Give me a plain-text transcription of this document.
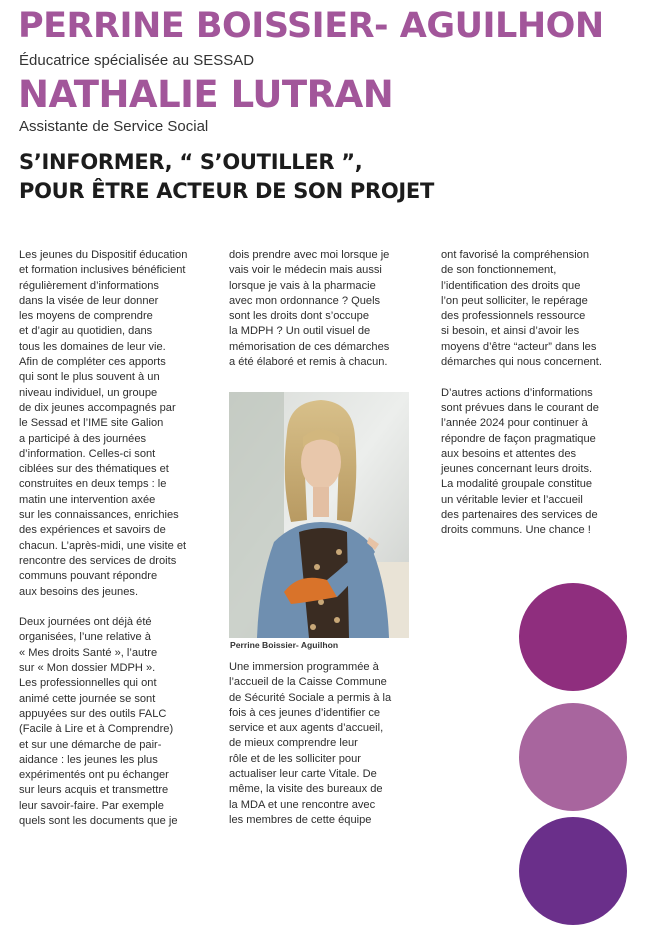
PERRINE BOISSIER- AGUILHON

Éducatrice spécialisée au SESSAD

NATHALIE LUTRAN

Assistante de Service Social

S’INFORMER, “ S’OUTILLER ”,
POUR ÊTRE ACTEUR DE SON PROJET

Les jeunes du Dispositif éducation
et formation inclusives bénéficient
régulièrement d’informations
dans la visée de leur donner
les moyens de comprendre
et d’agir au quotidien, dans
tous les domaines de leur vie.
Afin de compléter ces apports
qui sont le plus souvent à un
niveau individuel, un groupe
de dix jeunes accompagnés par
le Sessad et l’IME site Galion
a participé à des journées
d’information. Celles-ci sont
ciblées sur des thématiques et
construites en deux temps : le
matin une intervention axée
sur les connaissances, enrichies
des expériences et savoirs de
chacun. L’après-midi, une visite et
rencontre des services de droits
communs pouvant répondre
aux besoins des jeunes.

Deux journées ont déjà été
organisées, l’une relative à
« Mes droits Santé », l’autre
sur « Mon dossier MDPH ».
Les professionnelles qui ont
animé cette journée se sont
appuyées sur des outils FALC
(Facile à Lire et à Comprendre)
et sur une démarche de pair-
aidance : les jeunes les plus
expérimentés ont pu échanger
sur leurs acquis et transmettre
leur savoir-faire. Par exemple
quels sont les documents que je

dois prendre avec moi lorsque je
vais voir le médecin mais aussi
lorsque je vais à la pharmacie
avec mon ordonnance ? Quels
sont les droits dont s’occupe
la MDPH ? Un outil visuel de
mémorisation de ces démarches
a été élaboré et remis à chacun.

Perrine Boissier- Aguilhon

Une immersion programmée à
l’accueil de la Caisse Commune
de Sécurité Sociale a permis à la
fois à ces jeunes d’identifier ce
service et aux agents d’accueil,
de mieux comprendre leur
rôle et de les solliciter pour
actualiser leur carte Vitale. De
même, la visite des bureaux de
la MDA et une rencontre avec
les membres de cette équipe

ont favorisé la compréhension
de son fonctionnement,
l’identification des droits que
l’on peut solliciter, le repérage
des professionnels ressource
si besoin, et ainsi d’avoir les
moyens d’être “acteur” dans les
démarches qui nous concernent.

D’autres actions d’informations
sont prévues dans le courant de
l’année 2024 pour continuer à
répondre de façon pragmatique
aux besoins et attentes des
jeunes concernant leurs droits.
La modalité groupale constitue
un véritable levier et l’accueil
des partenaires des services de
droits communs. Une chance !
